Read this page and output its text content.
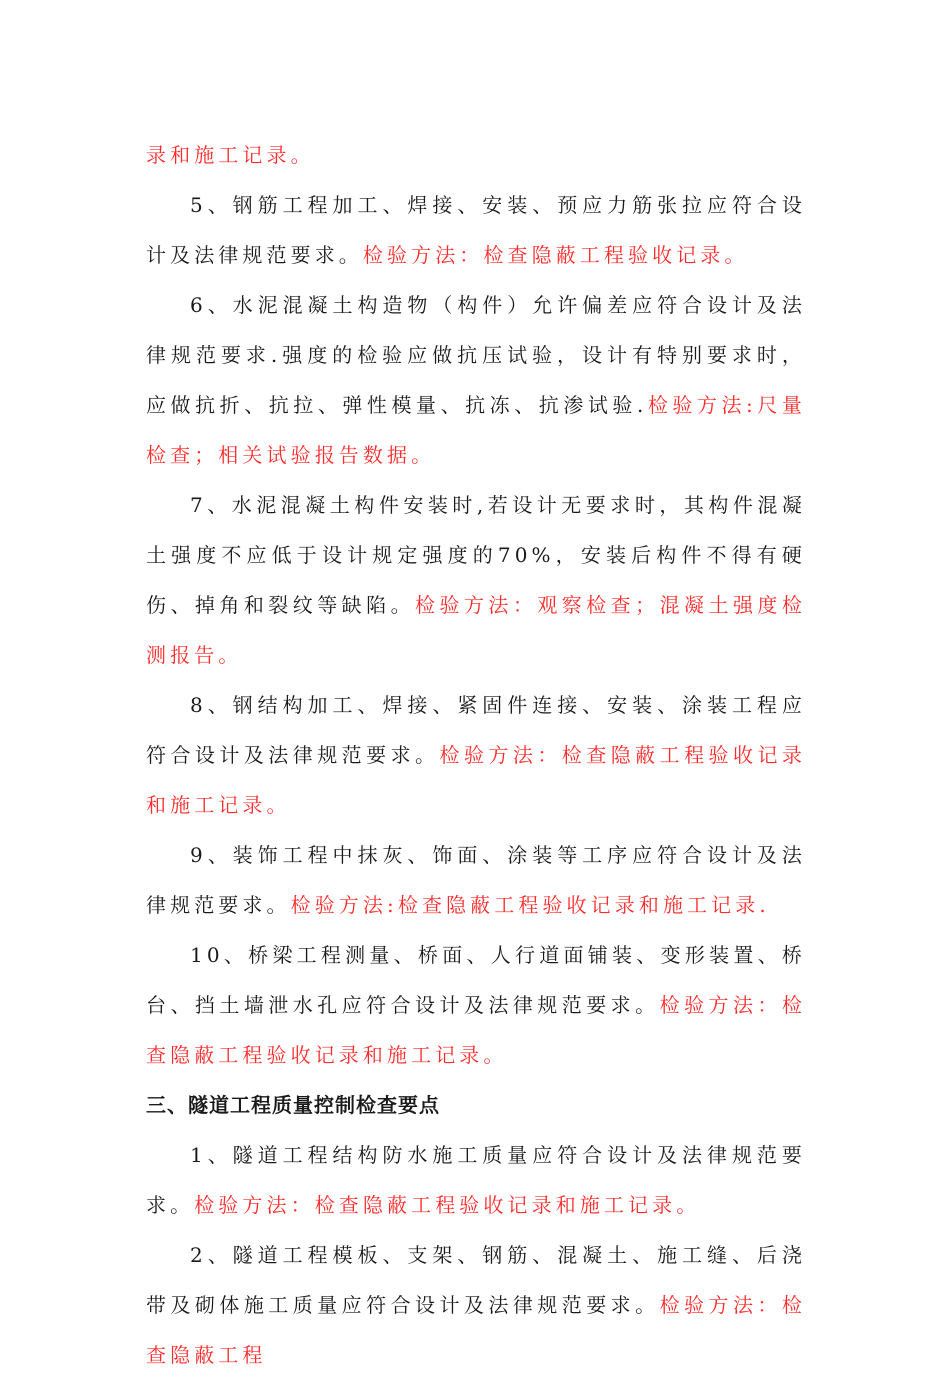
录和施工记录。

5、钢筋工程加工、焊接、安装、预应力筋张拉应符合设计及法律规范要求。检验方法：检查隐蔽工程验收记录。

6、水泥混凝土构造物（构件）允许偏差应符合设计及法律规范要求.强度的检验应做抗压试验，设计有特别要求时，应做抗折、抗拉、弹性模量、抗冻、抗渗试验.检验方法:尺量检查；相关试验报告数据。

7、水泥混凝土构件安装时,若设计无要求时，其构件混凝土强度不应低于设计规定强度的70%，安装后构件不得有硬伤、掉角和裂纹等缺陷。检验方法：观察检查；混凝土强度检测报告。

8、钢结构加工、焊接、紧固件连接、安装、涂装工程应符合设计及法律规范要求。检验方法：检查隐蔽工程验收记录和施工记录。

9、装饰工程中抹灰、饰面、涂装等工序应符合设计及法律规范要求。检验方法:检查隐蔽工程验收记录和施工记录.

10、桥梁工程测量、桥面、人行道面铺装、变形装置、桥台、挡土墙泄水孔应符合设计及法律规范要求。检验方法：检查隐蔽工程验收记录和施工记录。

三、隧道工程质量控制检查要点

1、隧道工程结构防水施工质量应符合设计及法律规范要求。检验方法：检查隐蔽工程验收记录和施工记录。

2、隧道工程模板、支架、钢筋、混凝土、施工缝、后浇带及砌体施工质量应符合设计及法律规范要求。检验方法：检查隐蔽工程
